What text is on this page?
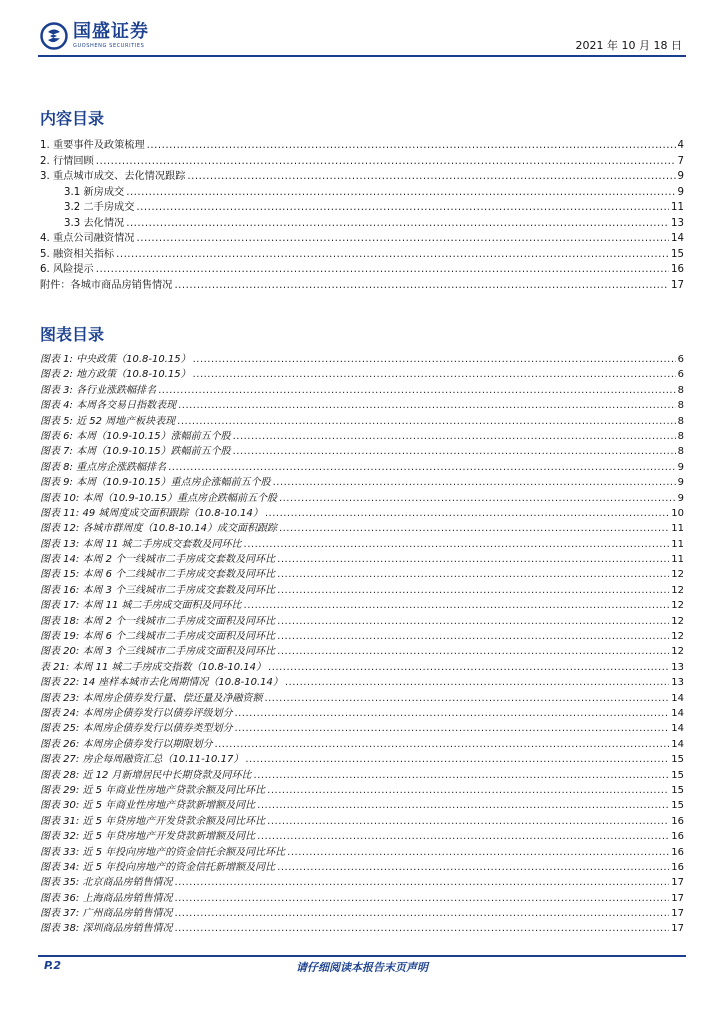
国盛证券
GUOSHENG SECURITIES	2021 年 10 月 18 日
内容目录
1. 重要事件及政策梳理 .....	4
2. 行情回顾 .....	7
3. 重点城市成交、去化情况跟踪 .....	9
3.1 新房成交 .....	9
3.2 二手房成交 .....	11
3.3 去化情况 .....	13
4. 重点公司融资情况 .....	14
5. 融资相关指标 .....	15
6. 风险提示 .....	16
附件：各城市商品房销售情况 .....	17
图表目录
图表 1: 中央政策（10.8-10.15） .....	6
图表 2: 地方政策（10.8-10.15） .....	6
图表 3: 各行业涨跌幅排名 .....	8
图表 4: 本周各交易日指数表现 .....	8
图表 5: 近 52 周地产板块表现 .....	8
图表 6: 本周（10.9-10.15）涨幅前五个股 .....	8
图表 7: 本周（10.9-10.15）跌幅前五个股 .....	8
图表 8: 重点房企涨跌幅排名 .....	9
图表 9: 本周（10.9-10.15）重点房企涨幅前五个股 .....	9
图表 10: 本周（10.9-10.15）重点房企跌幅前五个股 .....	9
图表 11: 49 城周度成交面积跟踪（10.8-10.14） .....	10
图表 12: 各城市群周度（10.8-10.14）成交面积跟踪 .....	11
图表 13: 本周 11 城二手房成交套数及同环比 .....	11
图表 14: 本周 2 个一线城市二手房成交套数及同环比 .....	11
图表 15: 本周 6 个二线城市二手房成交套数及同环比 .....	12
图表 16: 本周 3 个三线城市二手房成交套数及同环比 .....	12
图表 17: 本周 11 城二手房成交面积及同环比 .....	12
图表 18: 本周 2 个一线城市二手房成交面积及同环比 .....	12
图表 19: 本周 6 个二线城市二手房成交面积及同环比 .....	12
图表 20: 本周 3 个三线城市二手房成交面积及同环比 .....	12
表 21: 本周 11 城二手房成交指数（10.8-10.14） .....	13
图表 22: 14 座样本城市去化周期情况（10.8-10.14） .....	13
图表 23: 本周房企债券发行量、偿还量及净融资额 .....	14
图表 24: 本周房企债券发行以债券评级划分 .....	14
图表 25: 本周房企债券发行以债券类型划分 .....	14
图表 26: 本周房企债券发行以期限划分 .....	14
图表 27: 房企每周融资汇总（10.11-10.17） .....	15
图表 28: 近 12 月新增居民中长期贷款及同环比 .....	15
图表 29: 近 5 年商业性房地产贷款余额及同比环比 .....	15
图表 30: 近 5 年商业性房地产贷款新增额及同比 .....	15
图表 31: 近 5 年贷房地产开发贷款余额及同比环比 .....	16
图表 32: 近 5 年贷房地产开发贷款新增额及同比 .....	16
图表 33: 近 5 年投向房地产的资金信托余额及同比环比 .....	16
图表 34: 近 5 年投向房地产的资金信托新增额及同比 .....	16
图表 35: 北京商品房销售情况 .....	17
图表 36: 上海商品房销售情况 .....	17
图表 37: 广州商品房销售情况 .....	17
图表 38: 深圳商品房销售情况 .....	17
P.2	请仔细阅读本报告末页声明
